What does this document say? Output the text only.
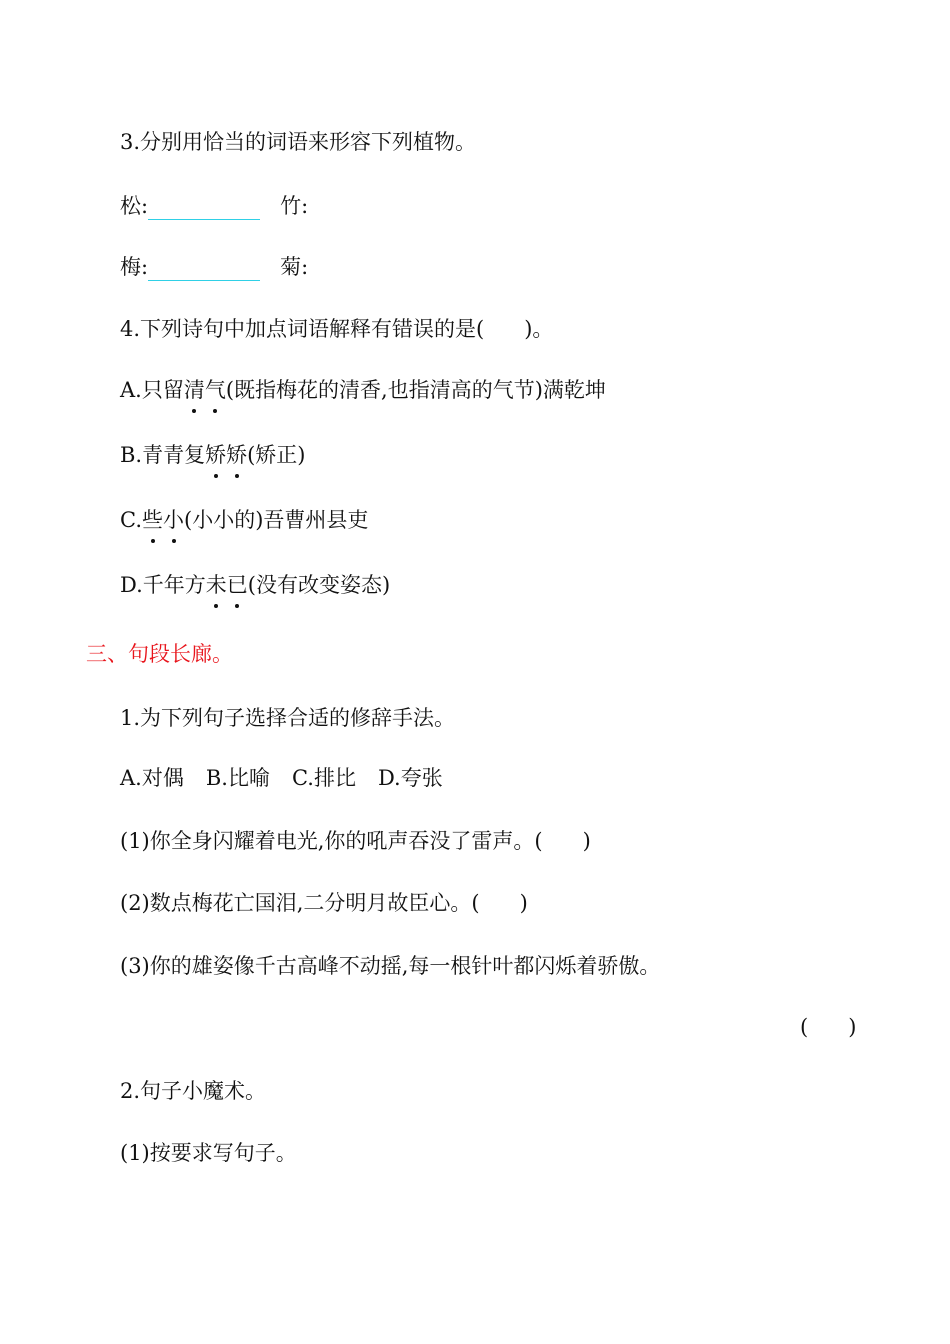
3.分别用恰当的词语来形容下列植物。
松:	竹:
梅:	菊:
4.下列诗句中加点词语解释有错误的是( )。
A.只留清气(既指梅花的清香,也指清高的气节)满乾坤
B.青青复矫矫(矫正)
C.些小(小小的)吾曹州县吏
D.千年方未已(没有改变姿态)
三、句段长廊。
1.为下列句子选择合适的修辞手法。
A.对偶 B.比喻 C.排比 D.夸张
(1)你全身闪耀着电光,你的吼声吞没了雷声。( )
(2)数点梅花亡国泪,二分明月故臣心。( )
(3)你的雄姿像千古高峰不动摇,每一根针叶都闪烁着骄傲。
( )
2.句子小魔术。
(1)按要求写句子。
